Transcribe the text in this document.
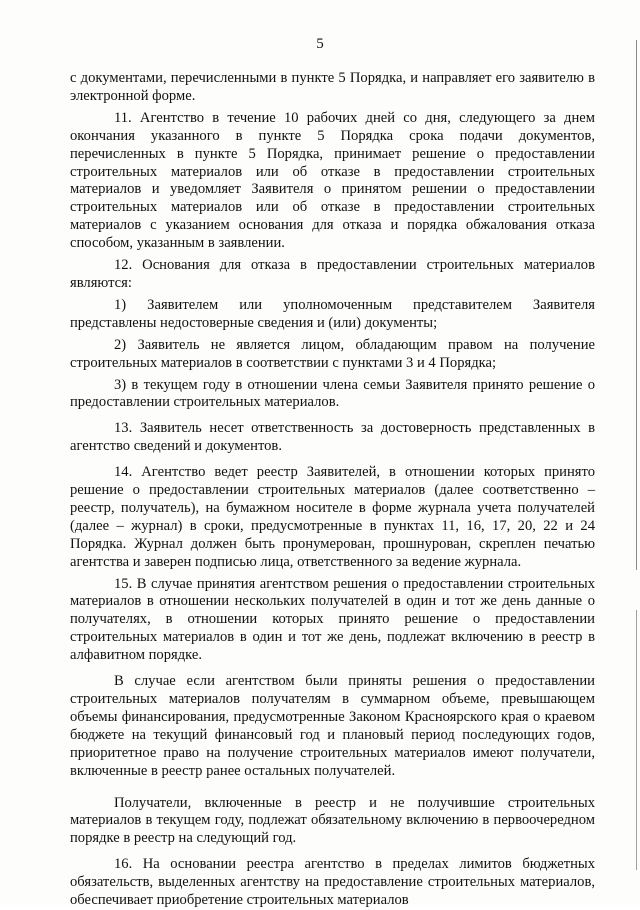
5

с документами, перечисленными в пункте 5 Порядка, и направляет его заявителю в электронной форме.

11. Агентство в течение 10 рабочих дней со дня, следующего за днем окончания указанного в пункте 5 Порядка срока подачи документов, перечисленных в пункте 5 Порядка, принимает решение о предоставлении строительных материалов или об отказе в предоставлении строительных материалов и уведомляет Заявителя о принятом решении о предоставлении строительных материалов или об отказе в предоставлении строительных материалов с указанием основания для отказа и порядка обжалования отказа способом, указанным в заявлении.

12. Основания для отказа в предоставлении строительных материалов являются:

1) Заявителем или уполномоченным представителем Заявителя представлены недостоверные сведения и (или) документы;

2) Заявитель не является лицом, обладающим правом на получение строительных материалов в соответствии с пунктами 3 и 4 Порядка;

3) в текущем году в отношении члена семьи Заявителя принято решение о предоставлении строительных материалов.

13. Заявитель несет ответственность за достоверность представленных в агентство сведений и документов.

14. Агентство ведет реестр Заявителей, в отношении которых принято решение о предоставлении строительных материалов (далее соответственно – реестр, получатель), на бумажном носителе в форме журнала учета получателей (далее – журнал) в сроки, предусмотренные в пунктах 11, 16, 17, 20, 22 и 24 Порядка. Журнал должен быть пронумерован, прошнурован, скреплен печатью агентства и заверен подписью лица, ответственного за ведение журнала.

15. В случае принятия агентством решения о предоставлении строительных материалов в отношении нескольких получателей в один и тот же день данные о получателях, в отношении которых принято решение о предоставлении строительных материалов в один и тот же день, подлежат включению в реестр в алфавитном порядке.

В случае если агентством были приняты решения о предоставлении строительных материалов получателям в суммарном объеме, превышающем объемы финансирования, предусмотренные Законом Красноярского края о краевом бюджете на текущий финансовый год и плановый период последующих годов, приоритетное право на получение строительных материалов имеют получатели, включенные в реестр ранее остальных получателей.

Получатели, включенные в реестр и не получившие строительных материалов в текущем году, подлежат обязательному включению в первоочередном порядке в реестр на следующий год.

16. На основании реестра агентство в пределах лимитов бюджетных обязательств, выделенных агентству на предоставление строительных материалов, обеспечивает приобретение строительных материалов
